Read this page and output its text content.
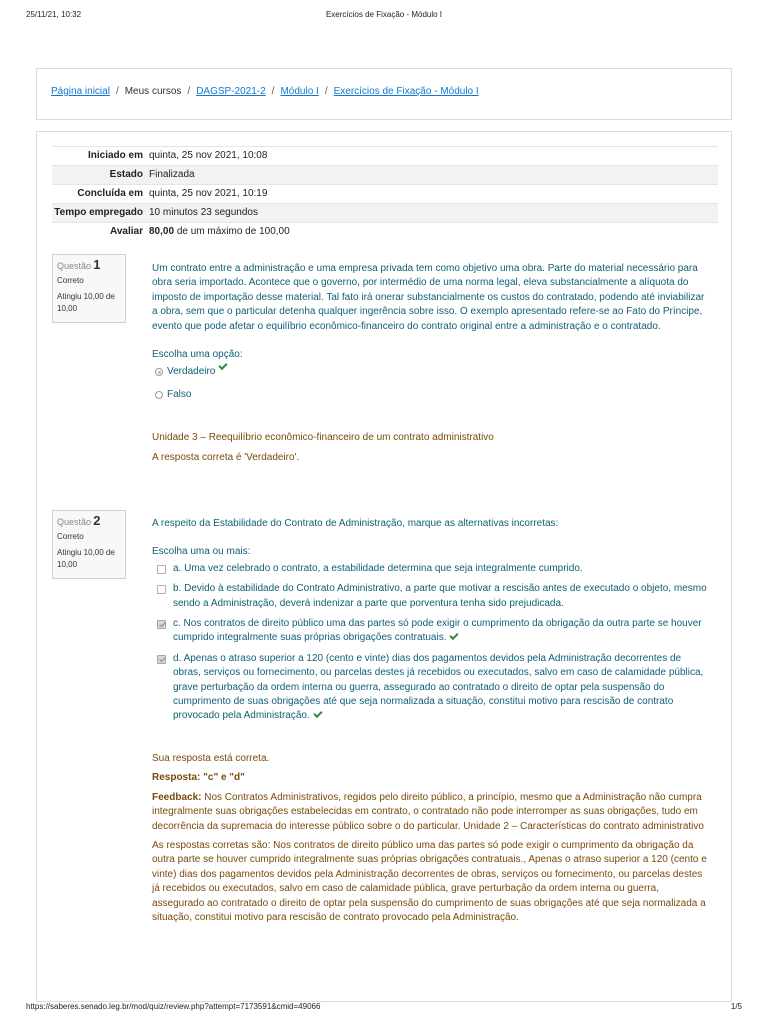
25/11/21, 10:32	Exercícios de Fixação - Módulo I
Página inicial / Meus cursos / DAGSP-2021-2 / Módulo I / Exercícios de Fixação - Módulo I
Iniciado em quinta, 25 nov 2021, 10:08
Estado Finalizada
Concluída em quinta, 25 nov 2021, 10:19
Tempo empregado 10 minutos 23 segundos
Avaliar 80,00 de um máximo de 100,00
Questão 1
Correto
Atingiu 10,00 de 10,00
Um contrato entre a administração e uma empresa privada tem como objetivo uma obra. Parte do material necessário para obra seria importado. Acontece que o governo, por intermédio de uma norma legal, eleva substancialmente a alíquota do imposto de importação desse material. Tal fato irá onerar substancialmente os custos do contratado, podendo até inviabilizar a obra, sem que o particular detenha qualquer ingerência sobre isso. O exemplo apresentado refere-se ao Fato do Príncipe, evento que pode afetar o equilíbrio econômico-financeiro do contrato original entre a administração e o contratado.
Escolha uma opção:
Verdadeiro
Falso
Unidade 3 – Reequilíbrio econômico-financeiro de um contrato administrativo
A resposta correta é 'Verdadeiro'.
Questão 2
Correto
Atingiu 10,00 de 10,00
A respeito da Estabilidade do Contrato de Administração, marque as alternativas incorretas:
Escolha uma ou mais:
a. Uma vez celebrado o contrato, a estabilidade determina que seja integralmente cumprido.
b. Devido à estabilidade do Contrato Administrativo, a parte que motivar a rescisão antes de executado o objeto, mesmo sendo a Administração, deverá indenizar a parte que porventura tenha sido prejudicada.
c. Nos contratos de direito público uma das partes só pode exigir o cumprimento da obrigação da outra parte se houver cumprido integralmente suas próprias obrigações contratuais.
d. Apenas o atraso superior a 120 (cento e vinte) dias dos pagamentos devidos pela Administração decorrentes de obras, serviços ou fornecimento, ou parcelas destes já recebidos ou executados, salvo em caso de calamidade pública, grave perturbação da ordem interna ou guerra, assegurado ao contratado o direito de optar pela suspensão do cumprimento de suas obrigações até que seja normalizada a situação, constitui motivo para rescisão de contrato provocado pela Administração.
Sua resposta está correta.
Resposta: "c" e "d"
Feedback: Nos Contratos Administrativos, regidos pelo direito público, a princípio, mesmo que a Administração não cumpra integralmente suas obrigações estabelecidas em contrato, o contratado não pode interromper as suas obrigações, tudo em decorrência da supremacia do interesse público sobre o do particular. Unidade 2 – Características do contrato administrativo
As respostas corretas são: Nos contratos de direito público uma das partes só pode exigir o cumprimento da obrigação da outra parte se houver cumprido integralmente suas próprias obrigações contratuais., Apenas o atraso superior a 120 (cento e vinte) dias dos pagamentos devidos pela Administração decorrentes de obras, serviços ou fornecimento, ou parcelas destes já recebidos ou executados, salvo em caso de calamidade pública, grave perturbação da ordem interna ou guerra, assegurado ao contratado o direito de optar pela suspensão do cumprimento de suas obrigações até que seja normalizada a situação, constitui motivo para rescisão de contrato provocado pela Administração.
https://saberes.senado.leg.br/mod/quiz/review.php?attempt=7173591&cmid=49066	1/5
